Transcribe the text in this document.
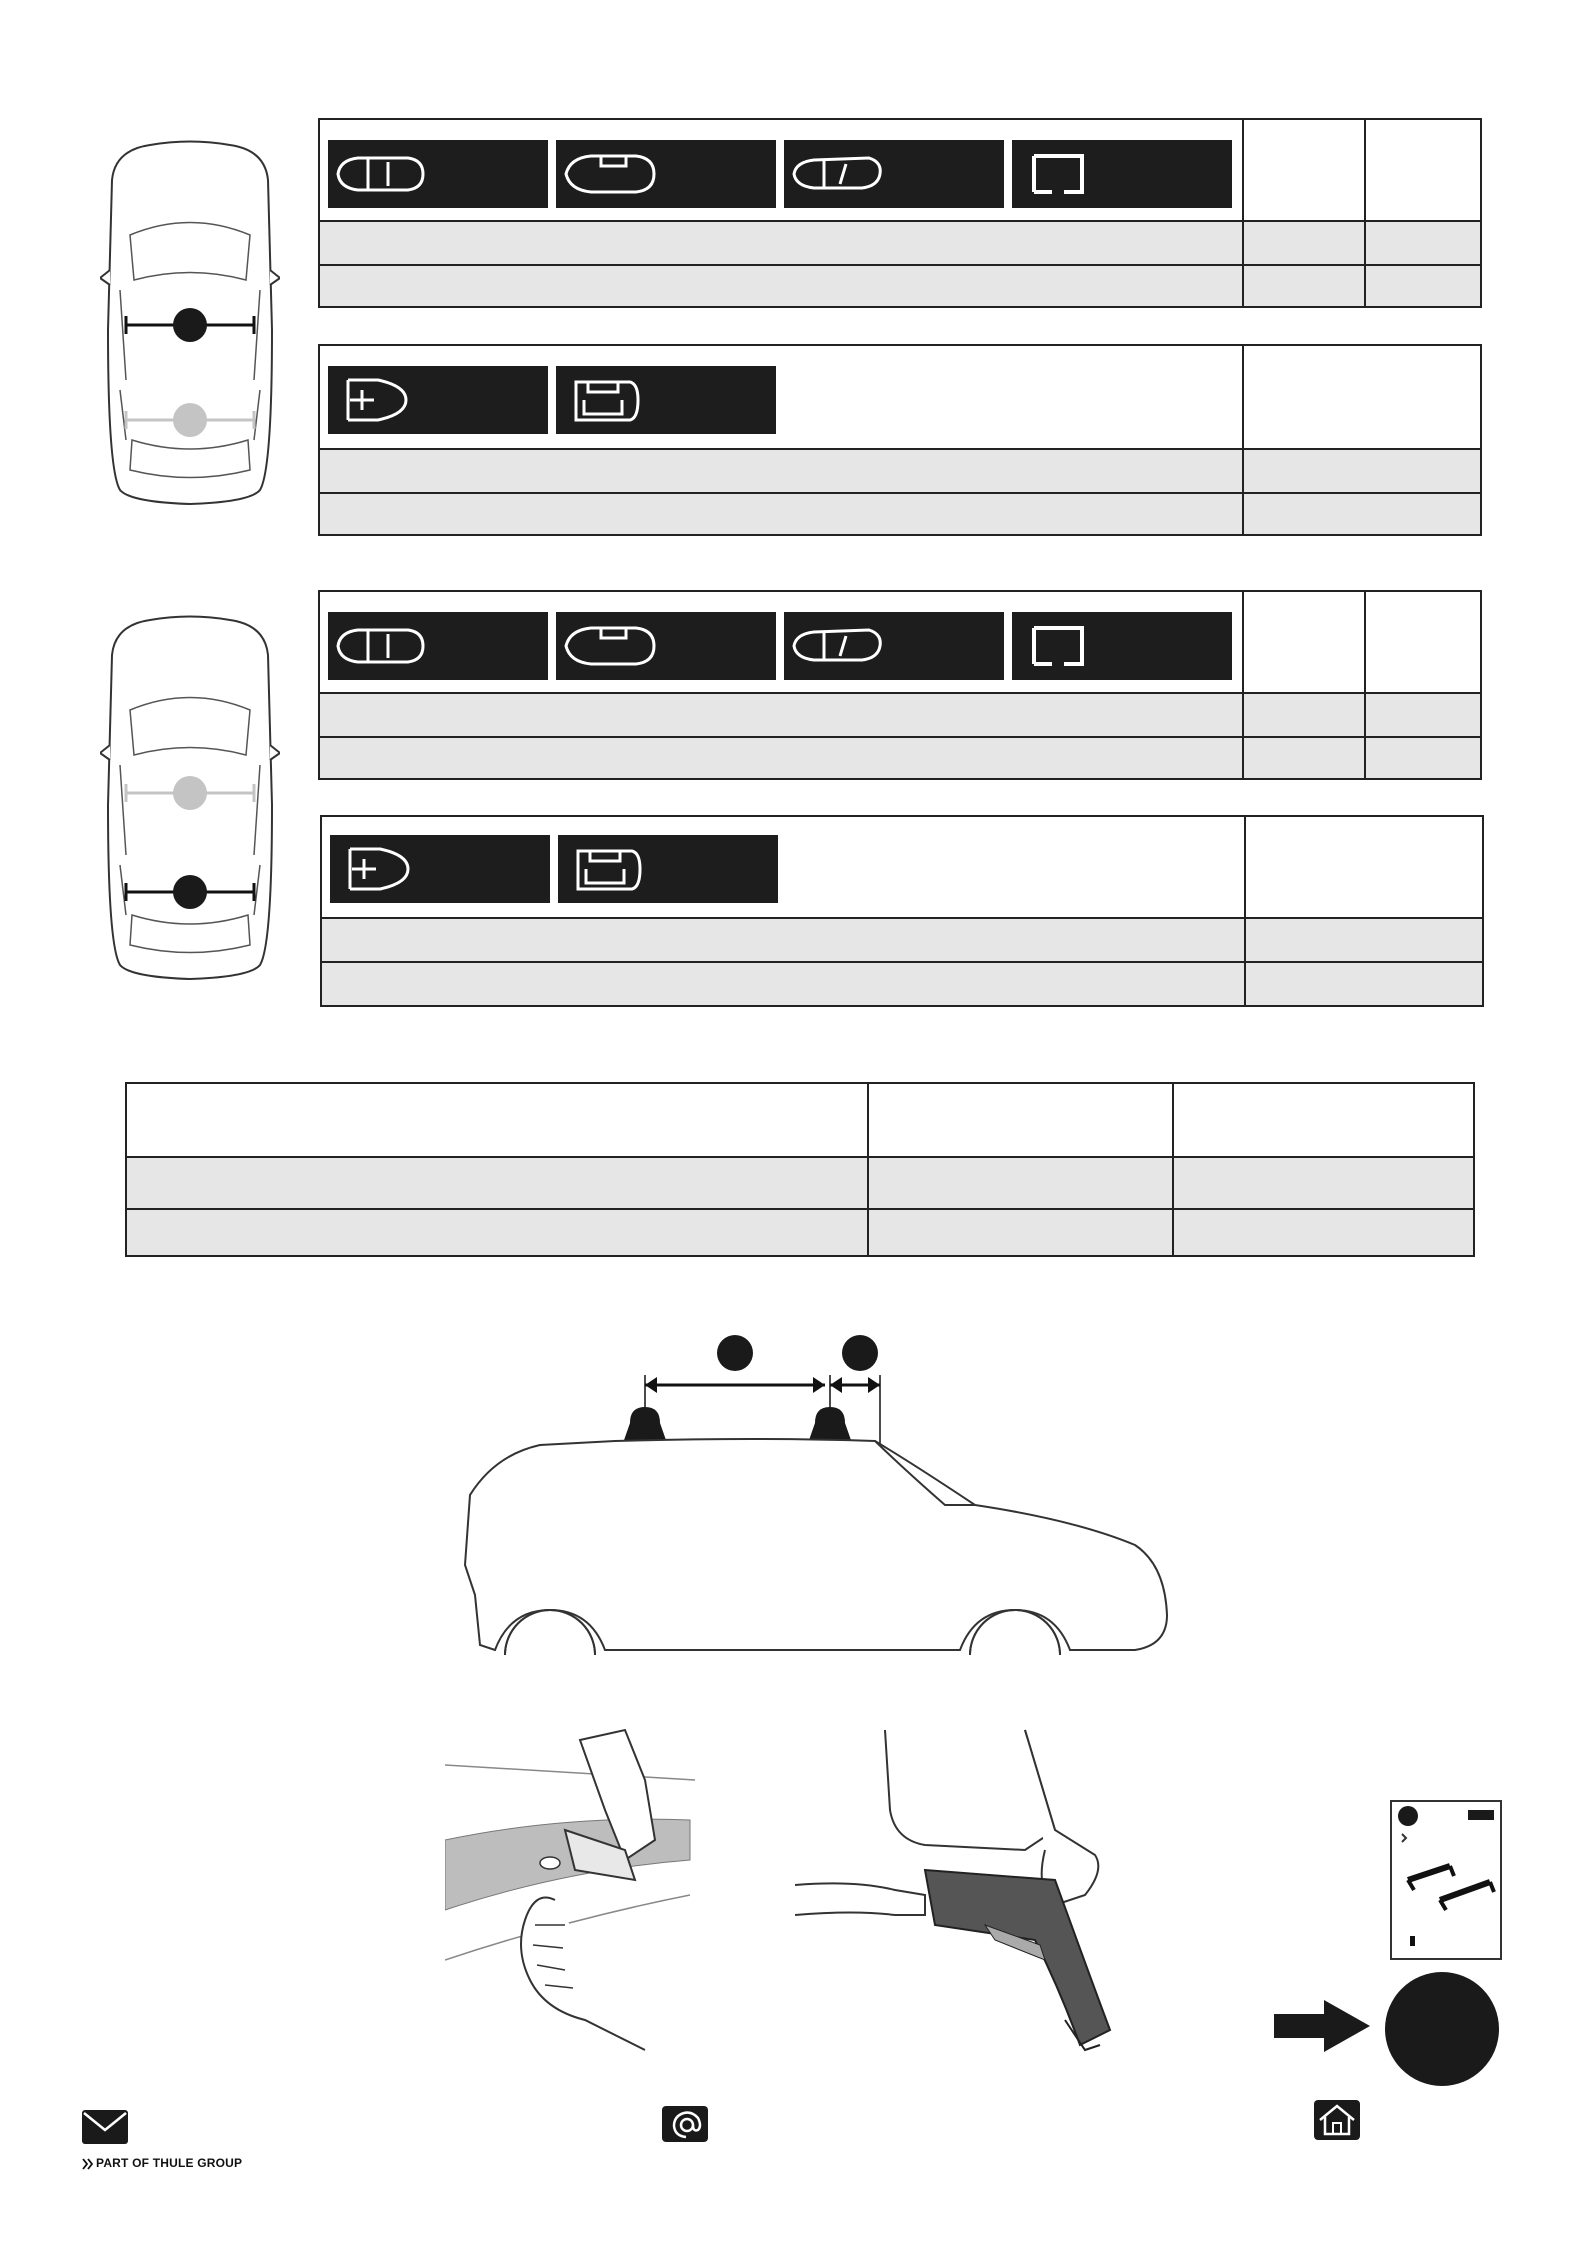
PART OF THULE GROUP
